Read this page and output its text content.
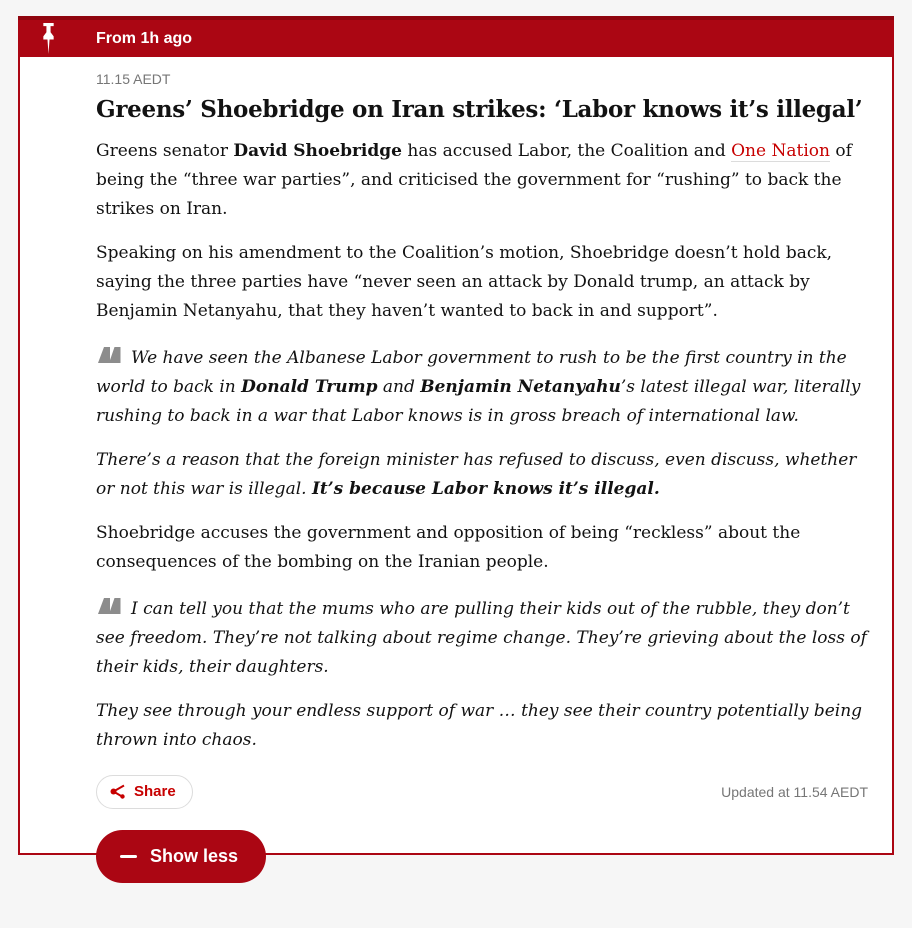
From 1h ago
11.15 AEDT
Greens’ Shoebridge on Iran strikes: ‘Labor knows it’s illegal’

Greens senator David Shoebridge has accused Labor, the Coalition and One Nation of being the “three war parties”, and criticised the government for “rushing” to back the strikes on Iran.

Speaking on his amendment to the Coalition’s motion, Shoebridge doesn’t hold back, saying the three parties have “never seen an attack by Donald trump, an attack by Benjamin Netanyahu, that they haven’t wanted to back in and support”.

We have seen the Albanese Labor government to rush to be the first country in the world to back in Donald Trump and Benjamin Netanyahu’s latest illegal war, literally rushing to back in a war that Labor knows is in gross breach of international law.

There’s a reason that the foreign minister has refused to discuss, even discuss, whether or not this war is illegal. It’s because Labor knows it’s illegal.

Shoebridge accuses the government and opposition of being “reckless” about the consequences of the bombing on the Iranian people.

I can tell you that the mums who are pulling their kids out of the rubble, they don’t see freedom. They’re not talking about regime change. They’re grieving about the loss of their kids, their daughters.

They see through your endless support of war … they see their country potentially being thrown into chaos.

Share	Updated at 11.54 AEDT
Show less
